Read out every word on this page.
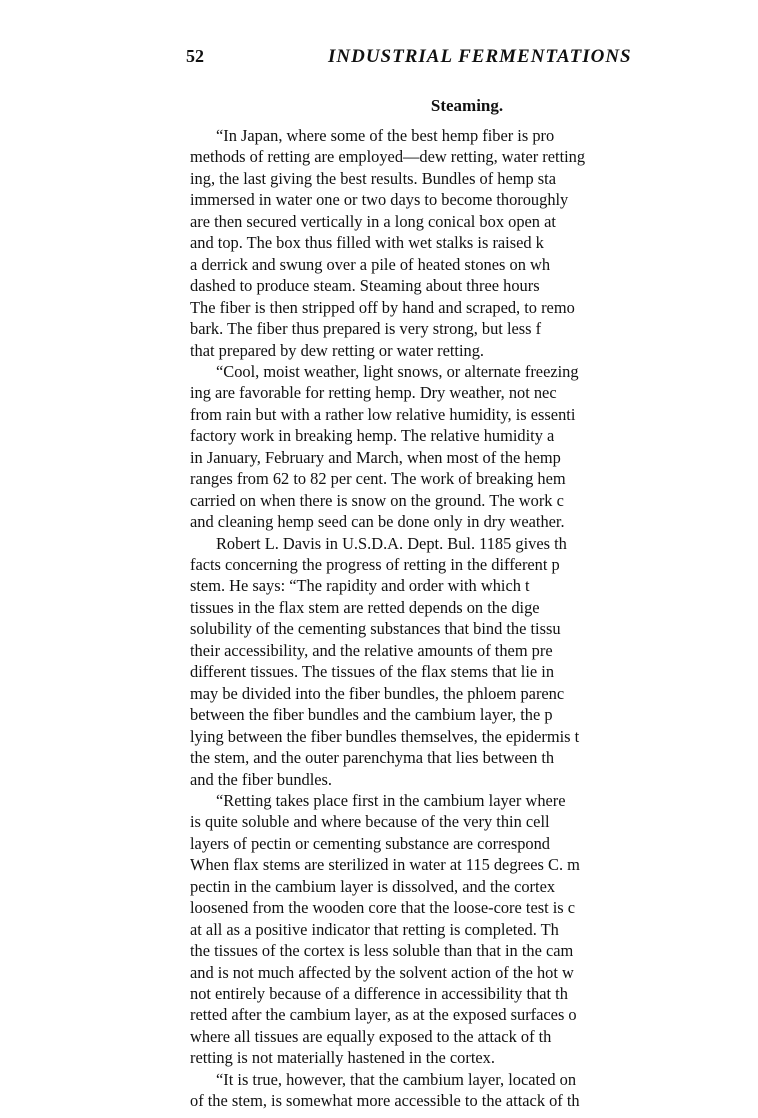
52	INDUSTRIAL FERMENTATIONS
Steaming.
“In Japan, where some of the best hemp fiber is pro
methods of retting are employed—dew retting, water retting
ing, the last giving the best results. Bundles of hemp sta
immersed in water one or two days to become thoroughly
are then secured vertically in a long conical box open at
and top. The box thus filled with wet stalks is raised k
a derrick and swung over a pile of heated stones on wh
dashed to produce steam. Steaming about three hours
The fiber is then stripped off by hand and scraped, to remo
bark. The fiber thus prepared is very strong, but less f
that prepared by dew retting or water retting.
“Cool, moist weather, light snows, or alternate freezing
ing are favorable for retting hemp. Dry weather, not nec
from rain but with a rather low relative humidity, is essenti
factory work in breaking hemp. The relative humidity a
in January, February and March, when most of the hemp
ranges from 62 to 82 per cent. The work of breaking hem
carried on when there is snow on the ground. The work c
and cleaning hemp seed can be done only in dry weather.
Robert L. Davis in U.S.D.A. Dept. Bul. 1185 gives th
facts concerning the progress of retting in the different p
stem. He says: “The rapidity and order with which t
tissues in the flax stem are retted depends on the dige
solubility of the cementing substances that bind the tissu
their accessibility, and the relative amounts of them pre
different tissues. The tissues of the flax stems that lie in
may be divided into the fiber bundles, the phloem parenc
between the fiber bundles and the cambium layer, the p
lying between the fiber bundles themselves, the epidermis t
the stem, and the outer parenchyma that lies between th
and the fiber bundles.
“Retting takes place first in the cambium layer where
is quite soluble and where because of the very thin cell
layers of pectin or cementing substance are correspond
When flax stems are sterilized in water at 115 degrees C. m
pectin in the cambium layer is dissolved, and the cortex
loosened from the wooden core that the loose-core test is c
at all as a positive indicator that retting is completed. Th
the tissues of the cortex is less soluble than that in the cam
and is not much affected by the solvent action of the hot w
not entirely because of a difference in accessibility that th
retted after the cambium layer, as at the exposed surfaces o
where all tissues are equally exposed to the attack of th
retting is not materially hastened in the cortex.
“It is true, however, that the cambium layer, located on
of the stem, is somewhat more accessible to the attack of th
